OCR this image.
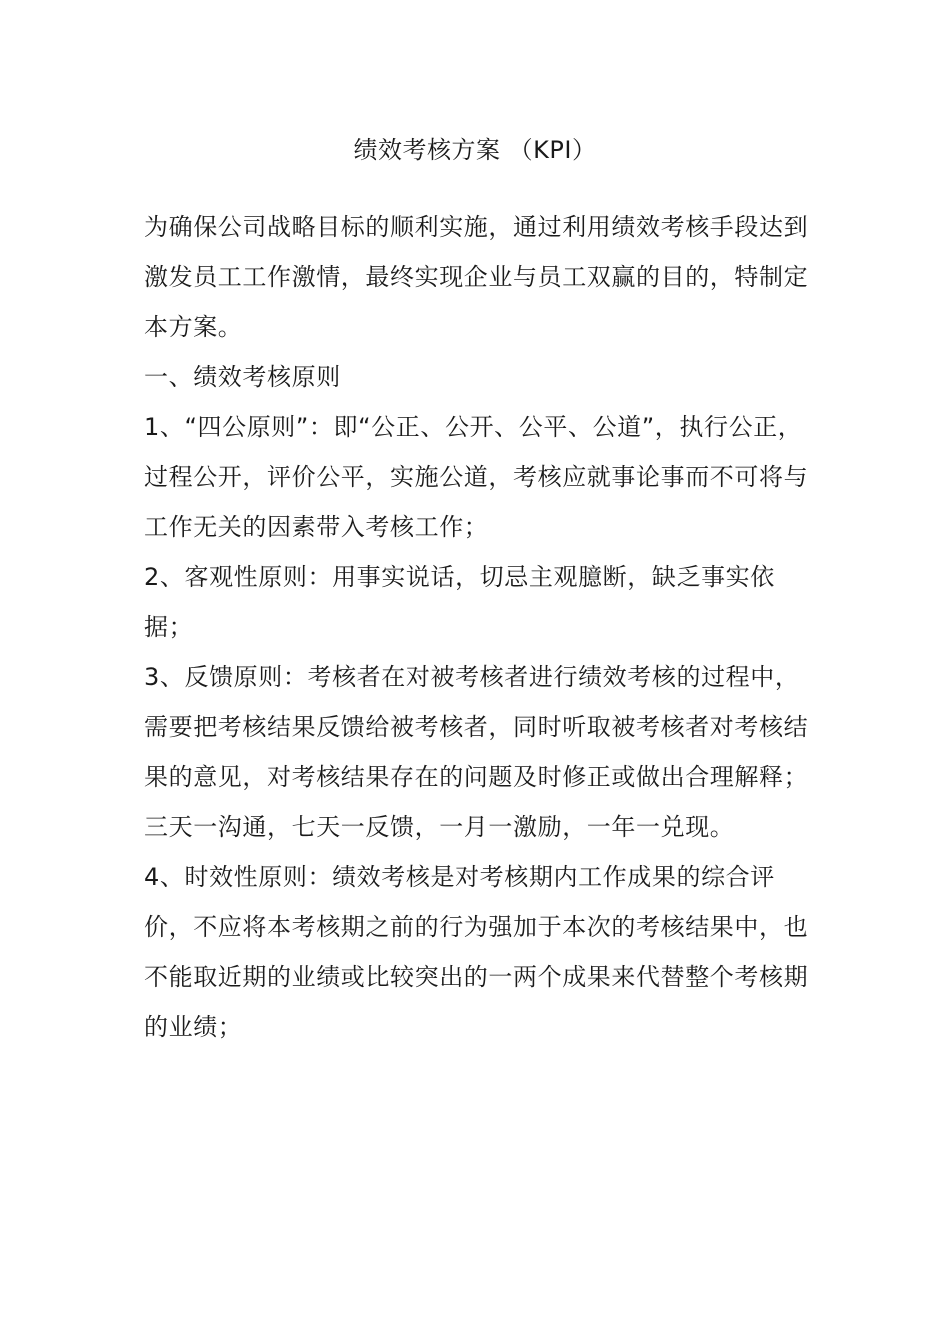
绩效考核方案 （KPI）

为确保公司战略目标的顺利实施，通过利用绩效考核手段达到激发员工工作激情，最终实现企业与员工双赢的目的，特制定本方案。

一、绩效考核原则

1、“四公原则”：即“公正、公开、公平、公道”，执行公正，过程公开，评价公平，实施公道，考核应就事论事而不可将与工作无关的因素带入考核工作；

2、客观性原则：用事实说话，切忌主观臆断，缺乏事实依据；

3、反馈原则：考核者在对被考核者进行绩效考核的过程中，需要把考核结果反馈给被考核者，同时听取被考核者对考核结果的意见，对考核结果存在的问题及时修正或做出合理解释；三天一沟通，七天一反馈，一月一激励，一年一兑现。

4、时效性原则：绩效考核是对考核期内工作成果的综合评价，不应将本考核期之前的行为强加于本次的考核结果中，也不能取近期的业绩或比较突出的一两个成果来代替整个考核期的业绩；
